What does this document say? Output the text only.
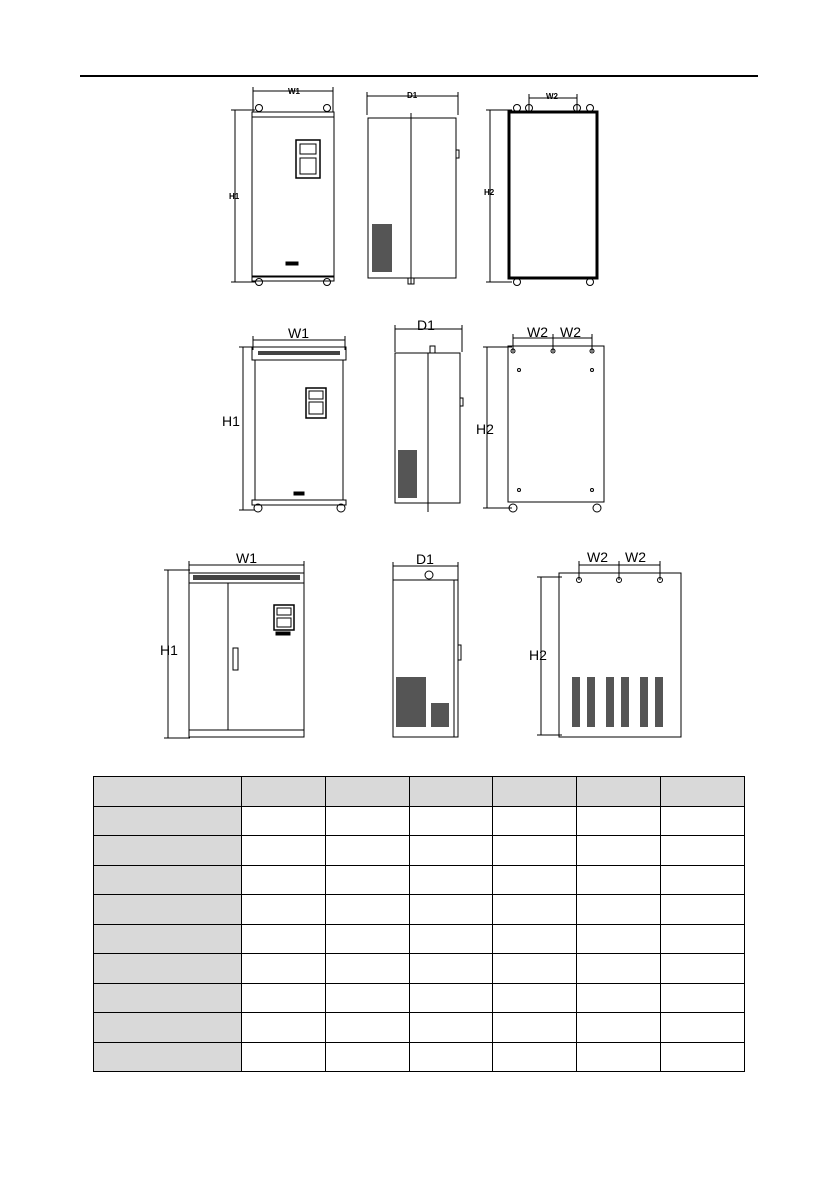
W1
H1
D1	W2
H2
W1
H1
D1	W2 W2
H2
W1
H1
D1	W2 W2
H2
